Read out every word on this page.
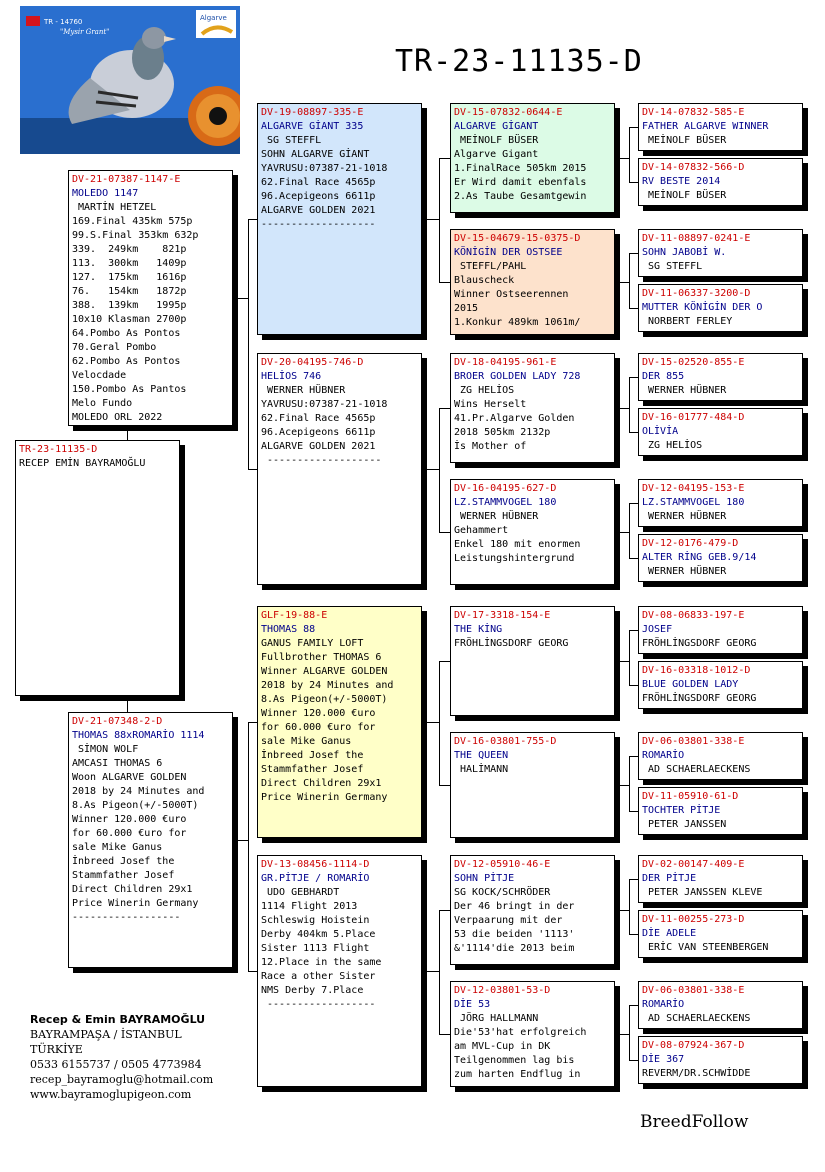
TR - 14760
"Mysir Grant"
Algarve
TR-23-11135-D
TR-23-11135-D
RECEP EMİN BAYRAMOĞLU
DV-21-07387-1147-E
MOLEDO 1147
MARTİN HETZEL
169.Final 435km 575p
99.S.Final 353km 632p
339.  249km    821p
113.  300km   1409p
127.  175km   1616p
76.   154km   1872p
388.  139km   1995p
10x10 Klasman 2700p
64.Pombo As Pontos
70.Geral Pombo
62.Pombo As Pontos
Velocdade
150.Pombo As Pantos
Melo Fundo
MOLEDO ORL 2022
DV-21-07348-2-D
THOMAS 88xROMARİO 1114
SİMON WOLF
AMCASI THOMAS 6
Woon ALGARVE GOLDEN
2018 by 24 Minutes and
8.As Pigeon(+/-5000T)
Winner 120.000 €uro
for 60.000 €uro for
sale Mike Ganus
İnbreed Josef the
Stammfather Josef
Direct Children 29x1
Price Winerin Germany
------------------
DV-19-08897-335-E
ALGARVE GİANT 335
SG STEFFL
SOHN ALGARVE GİANT
YAVRUSU:07387-21-1018
62.Final Race 4565p
96.Acepigeons 6611p
ALGARVE GOLDEN 2021
-------------------
DV-20-04195-746-D
HELİOS 746
WERNER HÜBNER
YAVRUSU:07387-21-1018
62.Final Race 4565p
96.Acepigeons 6611p
ALGARVE GOLDEN 2021
-------------------
GLF-19-88-E
THOMAS 88
GANUS FAMILY LOFT
Fullbrother THOMAS 6
Winner ALGARVE GOLDEN
2018 by 24 Minutes and
8.As Pigeon(+/-5000T)
Winner 120.000 €uro
for 60.000 €uro for
sale Mike Ganus
İnbreed Josef the
Stammfather Josef
Direct Children 29x1
Price Winerin Germany
DV-13-08456-1114-D
GR.PİTJE / ROMARİO
UDO GEBHARDT
1114 Flight 2013
Schleswig Hoistein
Derby 404km 5.Place
Sister 1113 Flight
12.Place in the same
Race a other Sister
NMS Derby 7.Place
------------------
DV-15-07832-0644-E
ALGARVE GİGANT
MEİNOLF BÜSER
Algarve Gigant
1.FinalRace 505km 2015
Er Wird damit ebenfals
2.As Taube Gesamtgewin
DV-15-04679-15-0375-D
KÖNİGİN DER OSTSEE
STEFFL/PAHL
Blauscheck
Winner Ostseerennen
2015
1.Konkur 489km 1061m/
DV-18-04195-961-E
BROER GOLDEN LADY 728
ZG HELİOS
Wins Herselt
41.Pr.Algarve Golden
2018 505km 2132p
İs Mother of
DV-16-04195-627-D
LZ.STAMMVOGEL 180
WERNER HÜBNER
Gehammert
Enkel 180 mit enormen
Leistungshintergrund
DV-17-3318-154-E
THE KİNG
FRÖHLİNGSDORF GEORG
DV-16-03801-755-D
THE QUEEN
HALİMANN
DV-12-05910-46-E
SOHN PİTJE
SG KOCK/SCHRÖDER
Der 46 bringt in der
Verpaarung mit der
53 die beiden '1113'
&'1114'die 2013 beim
DV-12-03801-53-D
DİE 53
JÖRG HALLMANN
Die'53'hat erfolgreich
am MVL-Cup in DK
Teilgenommen lag bis
zum harten Endflug in
DV-14-07832-585-E
FATHER ALGARVE WINNER
MEİNOLF BÜSER
DV-14-07832-566-D
RV BESTE 2014
MEİNOLF BÜSER
DV-11-08897-0241-E
SOHN JABOBİ W.
SG STEFFL
DV-11-06337-3200-D
MUTTER KÖNİGİN DER O
NORBERT FERLEY
DV-15-02520-855-E
DER 855
WERNER HÜBNER
DV-16-01777-484-D
OLİVİA
ZG HELİOS
DV-12-04195-153-E
LZ.STAMMVOGEL 180
WERNER HÜBNER
DV-12-0176-479-D
ALTER RİNG GEB.9/14
WERNER HÜBNER
DV-08-06833-197-E
JOSEF
FRÖHLİNGSDORF GEORG
DV-16-03318-1012-D
BLUE GOLDEN LADY
FRÖHLİNGSDORF GEORG
DV-06-03801-338-E
ROMARİO
AD SCHAERLAECKENS
DV-11-05910-61-D
TOCHTER PİTJE
PETER JANSSEN
DV-02-00147-409-E
DER PİTJE
PETER JANSSEN KLEVE
DV-11-00255-273-D
DİE ADELE
ERİC VAN STEENBERGEN
DV-06-03801-338-E
ROMARİO
AD SCHAERLAECKENS
DV-08-07924-367-D
DİE 367
REVERM/DR.SCHWİDDE
Recep & Emin BAYRAMOĞLU
BAYRAMPAŞA / İSTANBUL
TÜRKİYE
0533 6155737 / 0505 4773984
recep_bayramoglu@hotmail.com
www.bayramoglupigeon.com
BreedFollow
